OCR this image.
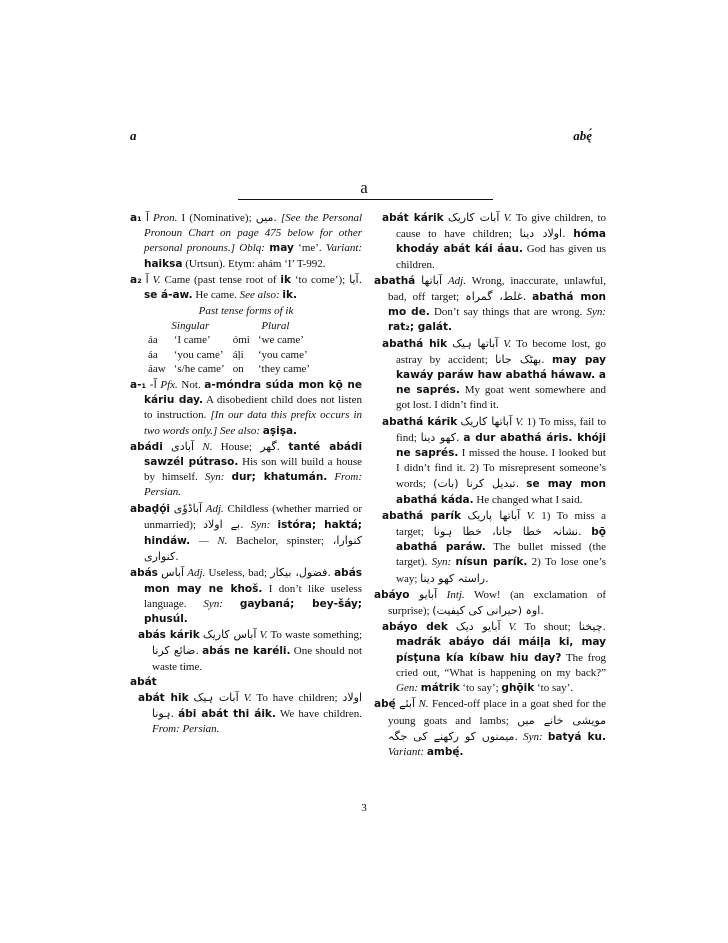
a	abę́
a
a₁ آ Pron. I (Nominative); میں. [See the Personal Pronoun Chart on page 475 below for other personal pronouns.] Oblq: may ‘me’. Variant: haiksa (Urtsun). Etym: ahám ‘I’ T-992.
a₂ آ V. Came (past tense root of ik ‘to come’); آیا. se á-aw. He came. See also: ik.
Past tense forms of ik
Singular		Plural	
áa	‘I came’	ómi	‘we came’
áa	‘you came’	áḷi	‘you came’
áaw	‘s/he came’	on	‘they came’
a-₁ -آ Pfx. Not. a-móndra súda mon kǭ ne káriu day. A disobedient child does not listen to instruction. [In our data this prefix occurs in two words only.] See also: aṣiṣa.
abádi آبادی N. House; گھر. tanté abádi sawzél pútraso. His son will build a house by himself. Syn: dur; khatumán. From: Persian.
abaḍǫ́i آباڈوٗی Adj. Childless (whether married or unmarried); بے اولاد. Syn: istóra; haktá; hindáw. — N. Bachelor, spinster; کنوارا، کنواری.
abás آباس Adj. Useless, bad; فضول، بیکار. abás mon may ne khoš. I don’t like useless language. Syn: gaybaná; bey-šáy; phusúl.
abás kárik آباس کاریک V. To waste something; ضائع کرنا. abás ne karéli. One should not waste time.
abát
abát hik آبات ہیک V. To have children; اولاد ہونا. ábi abát thi áik. We have children. From: Persian.
abát kárik آبات کاریک V. To give children, to cause to have children; اولاد دینا. hóma khodáy abát kái áau. God has given us children.
abathá آباتھا Adj. Wrong, inaccurate, unlawful, bad, off target; غلط، گمراہ. abathá mon mo de. Don’t say things that are wrong. Syn: rat₂; galát.
abathá hik آباتھا ہیک V. To become lost, go astray by accident; بھٹک جانا. may pay kawáy paráw haw abathá háwaw. a ne saprés. My goat went somewhere and got lost. I didn’t find it.
abathá kárik آباتھا کاریک V. 1) To miss, fail to find; کھو دینا. a dur abathá áris. khóji ne saprés. I missed the house. I looked but I didn’t find it. 2) To misrepresent someone’s words; (بات) تبدیل کرنا. se may mon abathá káda. He changed what I said.
abathá parík آباتھا پاریک V. 1) To miss a target; نشانہ خطا جانا، خطا ہونا. bǭ abathá paráw. The bullet missed (the target). Syn: nísun parík. 2) To lose one’s way; راستہ کھو دینا.
abáyo آبایو Intj. Wow! (an exclamation of surprise); اوہ (حیرانی کی کیفیت).
abáyo dek آبایو دیک V. To shout; چیخنا. madrák abáyo dái máiḷa ki, may písṭuna kía kíbaw hiu day? The frog cried out, “What is happening on my back?” Gen: mátrik ‘to say’; ghǭik ‘to say’.
abę́ آبئے N. Fenced-off place in a goat shed for the young goats and lambs; مویشی خانے میں میمنوں کو رکھنے کی جگہ. Syn: batyá ku. Variant: ambę́.
3
